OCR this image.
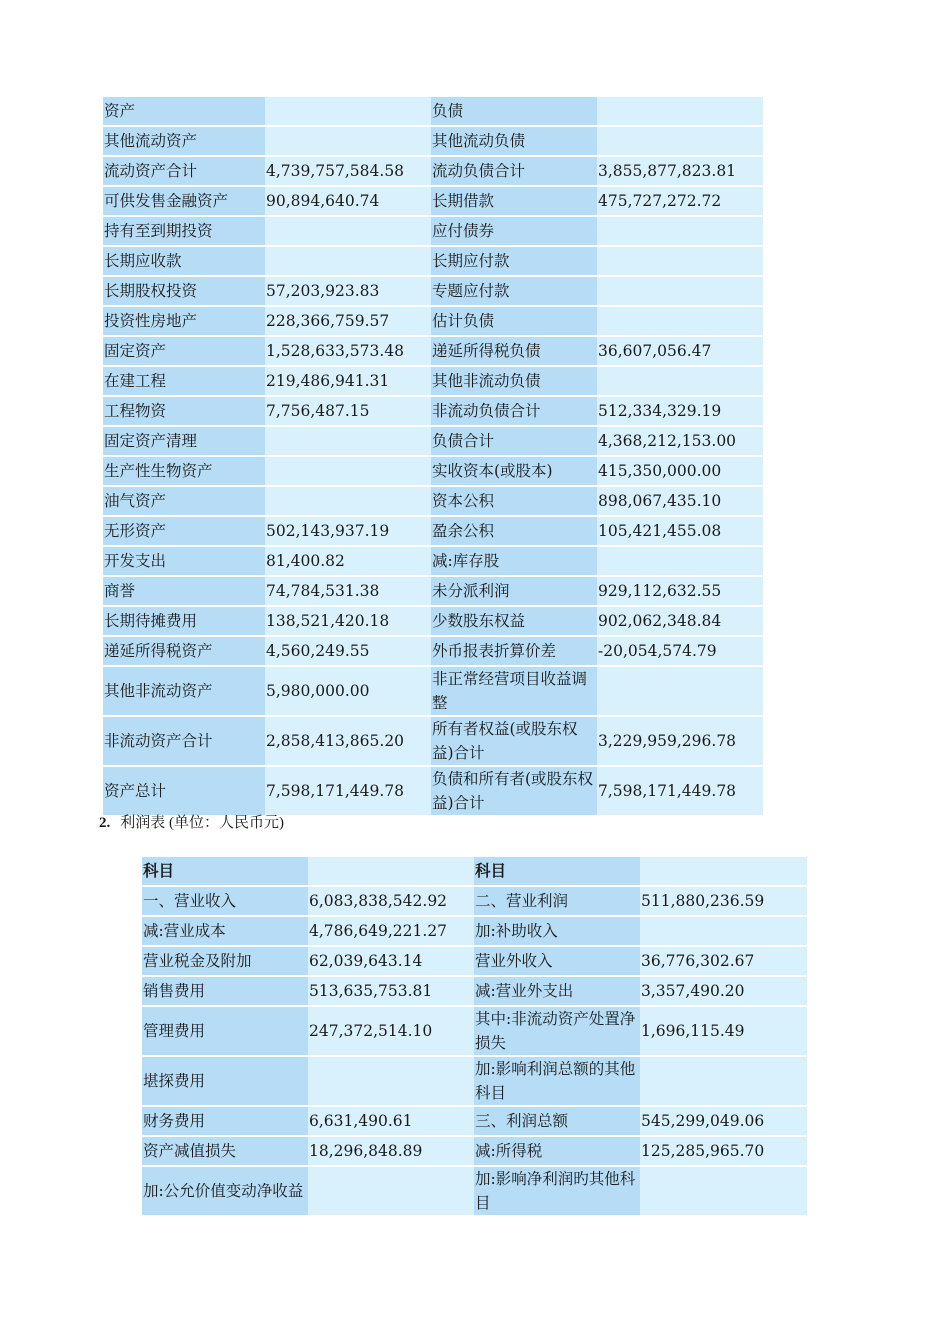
资产		负债	
其他流动资产		其他流动负债	
流动资产合计	4,739,757,584.58	流动负债合计	3,855,877,823.81
可供发售金融资产	90,894,640.74	长期借款	475,727,272.72
持有至到期投资		应付债券	
长期应收款		长期应付款	
长期股权投资	57,203,923.83	专题应付款	
投资性房地产	228,366,759.57	估计负债	
固定资产	1,528,633,573.48	递延所得税负债	36,607,056.47
在建工程	219,486,941.31	其他非流动负债	
工程物资	7,756,487.15	非流动负债合计	512,334,329.19
固定资产清理		负债合计	4,368,212,153.00
生产性生物资产		实收资本(或股本)	415,350,000.00
油气资产		资本公积	898,067,435.10
无形资产	502,143,937.19	盈余公积	105,421,455.08
开发支出	81,400.82	减:库存股	
商誉	74,784,531.38	未分派利润	929,112,632.55
长期待摊费用	138,521,420.18	少数股东权益	902,062,348.84
递延所得税资产	4,560,249.55	外币报表折算价差	-20,054,574.79
其他非流动资产	5,980,000.00	非正常经营项目收益调整	
非流动资产合计	2,858,413,865.20	所有者权益(或股东权益)合计	3,229,959,296.78
资产总计	7,598,171,449.78	负债和所有者(或股东权益)合计	7,598,171,449.78
2. 利润表 (单位：人民币元)
科目		科目	
一、营业收入	6,083,838,542.92	二、营业利润	511,880,236.59
减:营业成本	4,786,649,221.27	加:补助收入	
营业税金及附加	62,039,643.14	营业外收入	36,776,302.67
销售费用	513,635,753.81	减:营业外支出	3,357,490.20
管理费用	247,372,514.10	其中:非流动资产处置净损失	1,696,115.49
堪探费用		加:影响利润总额的其他科目	
财务费用	6,631,490.61	三、利润总额	545,299,049.06
资产减值损失	18,296,848.89	减:所得税	125,285,965.70
加:公允价值变动净收益		加:影响净利润旳其他科目	
